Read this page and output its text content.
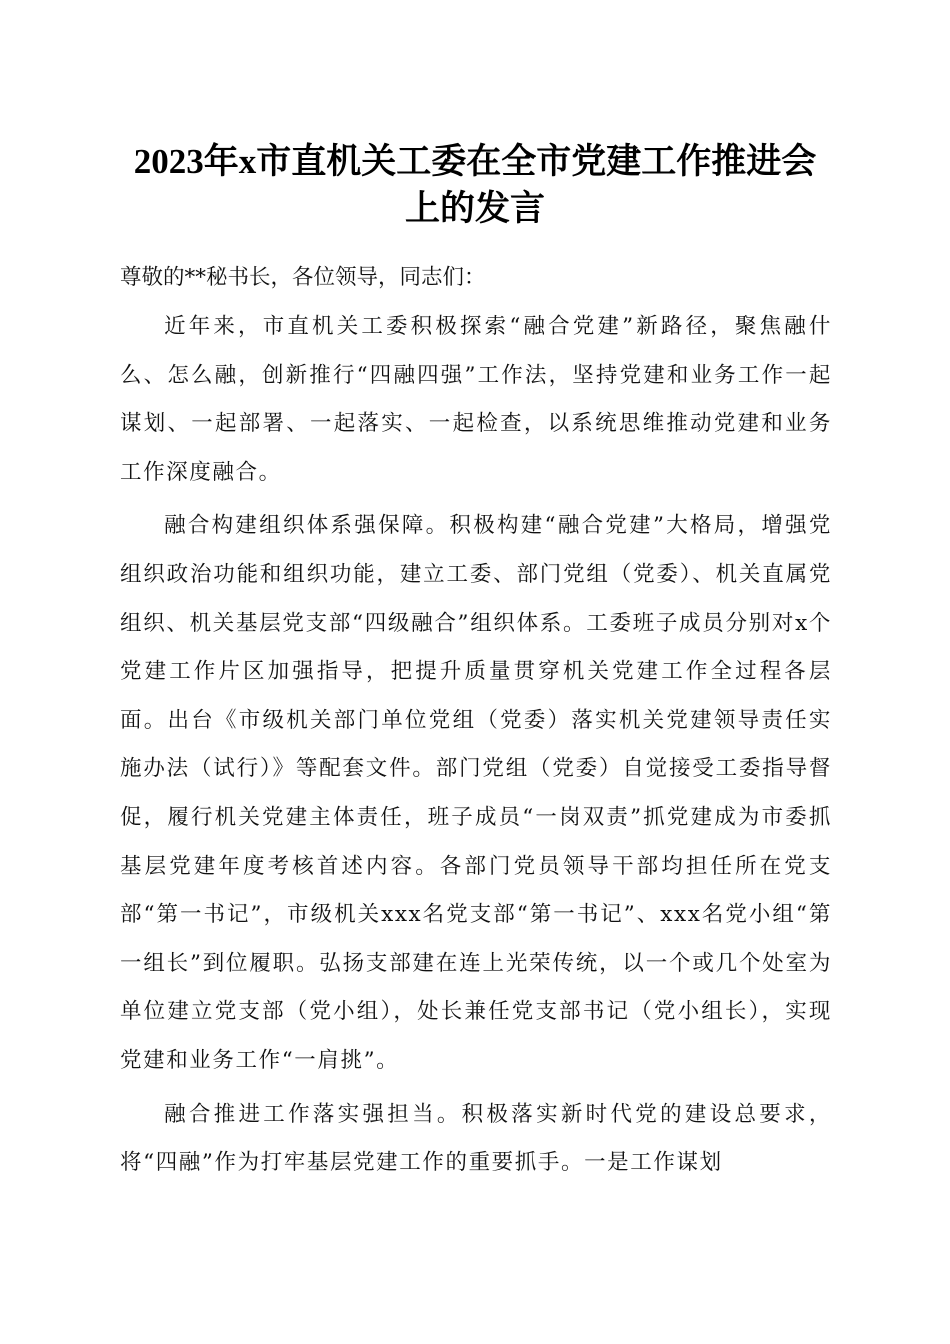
2023年x市直机关工委在全市党建工作推进会
上的发言

尊敬的**秘书长，各位领导，同志们：

近年来，市直机关工委积极探索“融合党建”新路径，聚焦融什么、怎么融，创新推行“四融四强”工作法，坚持党建和业务工作一起谋划、一起部署、一起落实、一起检查，以系统思维推动党建和业务工作深度融合。

融合构建组织体系强保障。积极构建“融合党建”大格局，增强党组织政治功能和组织功能，建立工委、部门党组（党委）、机关直属党组织、机关基层党支部“四级融合”组织体系。工委班子成员分别对x个党建工作片区加强指导，把提升质量贯穿机关党建工作全过程各层面。出台《市级机关部门单位党组（党委）落实机关党建领导责任实施办法（试行）》等配套文件。部门党组（党委）自觉接受工委指导督促，履行机关党建主体责任，班子成员“一岗双责”抓党建成为市委抓基层党建年度考核首述内容。各部门党员领导干部均担任所在党支部“第一书记”，市级机关xxx名党支部“第一书记”、xxx名党小组“第一组长”到位履职。弘扬支部建在连上光荣传统，以一个或几个处室为单位建立党支部（党小组），处长兼任党支部书记（党小组长），实现党建和业务工作“一肩挑”。

融合推进工作落实强担当。积极落实新时代党的建设总要求，将“四融”作为打牢基层党建工作的重要抓手。一是工作谋划
